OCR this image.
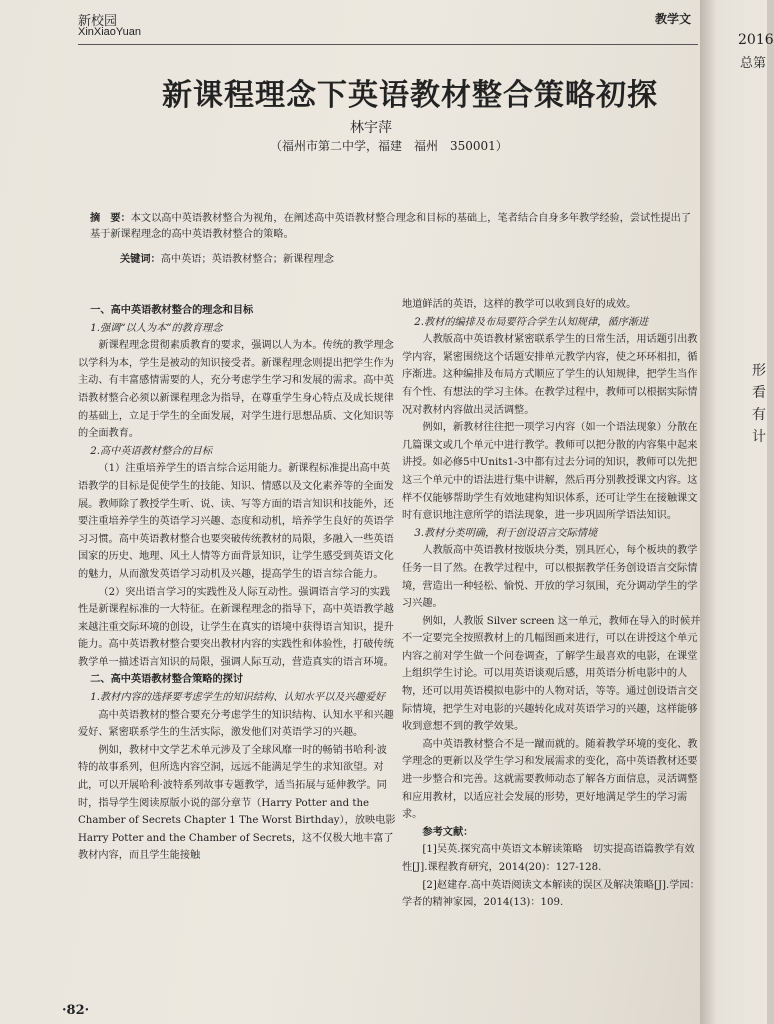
2016
总第
形
看
有
计
新校园
XinXiaoYuan
教学文
新课程理念下英语教材整合策略初探
林宇萍
（福州市第二中学，福建　福州　350001）
摘　要：本文以高中英语教材整合为视角，在阐述高中英语教材整合理念和目标的基础上，笔者结合自身多年教学经验，尝试性提出了基于新课程理念的高中英语教材整合的策略。
关键词：高中英语；英语教材整合；新课程理念

一、高中英语教材整合的理念和目标

1.强调“以人为本”的教育理念

新课程理念贯彻素质教育的要求，强调以人为本。传统的教学理念以学科为本，学生是被动的知识接受者。新课程理念则提出把学生作为主动、有丰富感情需要的人，充分考虑学生学习和发展的需求。高中英语教材整合必须以新课程理念为指导，在尊重学生身心特点及成长规律的基础上，立足于学生的全面发展，对学生进行思想品质、文化知识等的全面教育。

2.高中英语教材整合的目标

（1）注重培养学生的语言综合运用能力。新课程标准提出高中英语教学的目标是促使学生的技能、知识、情感以及文化素养等的全面发展。教师除了教授学生听、说、读、写等方面的语言知识和技能外，还要注重培养学生的英语学习兴趣、态度和动机，培养学生良好的英语学习习惯。高中英语教材整合也要突破传统教材的局限，多融入一些英语国家的历史、地理、风土人情等方面背景知识，让学生感受到英语文化的魅力，从而激发英语学习动机及兴趣，提高学生的语言综合能力。

（2）突出语言学习的实践性及人际互动性。强调语言学习的实践性是新课程标准的一大特征。在新课程理念的指导下，高中英语教学越来越注重交际环境的创设，让学生在真实的语境中获得语言知识，提升能力。高中英语教材整合要突出教材内容的实践性和体验性，打破传统教学单一描述语言知识的局限，强调人际互动，营造真实的语言环境。

二、高中英语教材整合策略的探讨

1.教材内容的选择要考虑学生的知识结构、认知水平以及兴趣爱好

高中英语教材的整合要充分考虑学生的知识结构、认知水平和兴趣爱好、紧密联系学生的生活实际，激发他们对英语学习的兴趣。

例如，教材中文学艺术单元涉及了全球风靡一时的畅销书哈利·波特的故事系列，但所选内容空洞，远远不能满足学生的求知欲望。对此，可以开展哈利·波特系列故事专题教学，适当拓展与延伸教学。同时，指导学生阅读原版小说的部分章节（Harry Potter and the Chamber of Secrets Chapter 1 The Worst Birthday），放映电影 Harry Potter and the Chamber of Secrets，这不仅极大地丰富了教材内容，而且学生能接触

地道鲜活的英语，这样的教学可以收到良好的成效。

2.教材的编排及布局要符合学生认知规律，循序渐进

人教版高中英语教材紧密联系学生的日常生活，用话题引出教学内容，紧密围绕这个话题安排单元教学内容，使之环环相扣，循序渐进。这种编排及布局方式顺应了学生的认知规律，把学生当作有个性、有想法的学习主体。在教学过程中，教师可以根据实际情况对教材内容做出灵活调整。

例如，新教材往往把一项学习内容（如一个语法现象）分散在几篇课文或几个单元中进行教学。教师可以把分散的内容集中起来讲授。如必修5中Units1-3中都有过去分词的知识，教师可以先把这三个单元中的语法进行集中讲解，然后再分别教授课文内容。这样不仅能够帮助学生有效地建构知识体系，还可让学生在接触课文时有意识地注意所学的语法现象，进一步巩固所学语法知识。

3.教材分类明确，利于创设语言交际情境

人教版高中英语教材按版块分类，别具匠心，每个板块的教学任务一目了然。在教学过程中，可以根据教学任务创设语言交际情境，营造出一种轻松、愉悦、开放的学习氛围，充分调动学生的学习兴趣。

例如，人教版 Silver screen 这一单元，教师在导入的时候并不一定要完全按照教材上的几幅图画来进行，可以在讲授这个单元内容之前对学生做一个问卷调查，了解学生最喜欢的电影，在课堂上组织学生讨论。可以用英语谈观后感，用英语分析电影中的人物，还可以用英语模拟电影中的人物对话，等等。通过创设语言交际情境，把学生对电影的兴趣转化成对英语学习的兴趣，这样能够收到意想不到的教学效果。

高中英语教材整合不是一蹴而就的。随着教学环境的变化、教学理念的更新以及学生学习和发展需求的变化，高中英语教材还要进一步整合和完善。这就需要教师动态了解各方面信息，灵活调整和应用教材，以适应社会发展的形势，更好地满足学生的学习需求。

参考文献：

[1]吴英.探究高中英语文本解读策略　切实提高语篇教学有效性[J].课程教育研究，2014(20)：127-128.

[2]赵建存.高中英语阅读文本解读的误区及解决策略[J].学园：学者的精神家园，2014(13)：109.

·82·
